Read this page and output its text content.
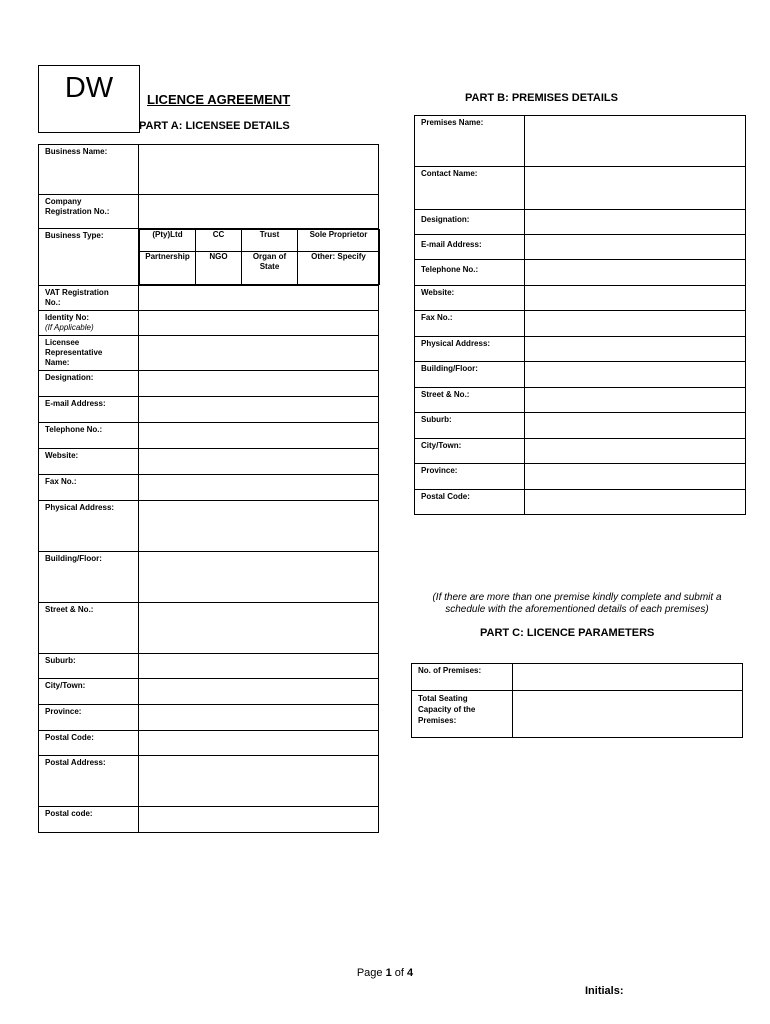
DW	LICENCE AGREEMENT
PART A: LICENSEE DETAILS
Business Name:	

Company
Registration No.:

Business Type:		(Pty)Ltd	CC	Trust	Sole Proprietor
Partnership	NGO	Organ of State	Other: Specify

VAT Registration
No.:

Identity No:
(If Applicable)

Licensee
Representative
Name:

Designation:	
E-mail Address:	
Telephone No.:	
Website:	
Fax No.:	
Physical Address:	
Building/Floor:	
Street & No.:	
Suburb:	
City/Town:	
Province:	
Postal Code:	
Postal Address:	
Postal code:	
PART B: PREMISES DETAILS
Premises Name:	
Contact Name:	
Designation:	
E-mail Address:	
Telephone No.:	
Website:	
Fax No.:	
Physical Address:	
Building/Floor:	
Street & No.:	
Suburb:	
City/Town:	
Province:	
Postal Code:	
(If there are more than one premise kindly complete and submit a schedule with the aforementioned details of each premises)
PART C: LICENCE PARAMETERS
No. of Premises:	

Total Seating
Capacity of the
Premises:	

Page 1 of 4
Initials:
